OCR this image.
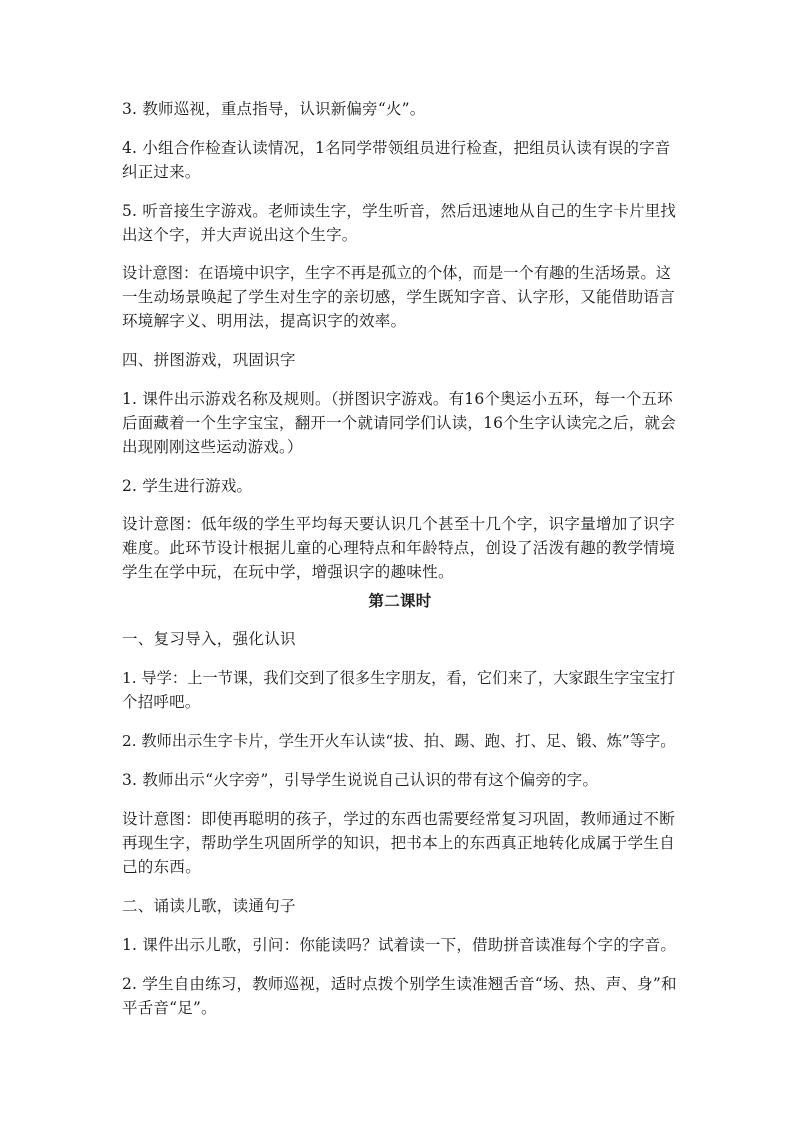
3. 教师巡视，重点指导，认识新偏旁“火”。
4. 小组合作检查认读情况，1名同学带领组员进行检查，把组员认读有误的字音
纠正过来。
5. 听音接生字游戏。老师读生字，学生听音，然后迅速地从自己的生字卡片里找
出这个字，并大声说出这个生字。
设计意图：在语境中识字，生字不再是孤立的个体，而是一个有趣的生活场景。这
一生动场景唤起了学生对生字的亲切感，学生既知字音、认字形，又能借助语言
环境解字义、明用法，提高识字的效率。
四、拼图游戏，巩固识字
1. 课件出示游戏名称及规则。（拼图识字游戏。有16个奥运小五环，每一个五环
后面藏着一个生字宝宝，翻开一个就请同学们认读，16个生字认读完之后，就会
出现刚刚这些运动游戏。）
2. 学生进行游戏。
设计意图：低年级的学生平均每天要认识几个甚至十几个字，识字量增加了识字
难度。此环节设计根据儿童的心理特点和年龄特点，创设了活泼有趣的教学情境
学生在学中玩，在玩中学，增强识字的趣味性。
第二课时
一、复习导入，强化认识
1. 导学：上一节课，我们交到了很多生字朋友，看，它们来了，大家跟生字宝宝打
个招呼吧。
2. 教师出示生字卡片，学生开火车认读“拔、拍、踢、跑、打、足、锻、炼”等字。
3. 教师出示“火字旁”，引导学生说说自己认识的带有这个偏旁的字。
设计意图：即使再聪明的孩子，学过的东西也需要经常复习巩固，教师通过不断
再现生字，帮助学生巩固所学的知识，把书本上的东西真正地转化成属于学生自
己的东西。
二、诵读儿歌，读通句子
1. 课件出示儿歌，引问：你能读吗？试着读一下，借助拼音读准每个字的字音。
2. 学生自由练习，教师巡视，适时点拨个别学生读准翘舌音“场、热、声、身”和
平舌音“足”。
